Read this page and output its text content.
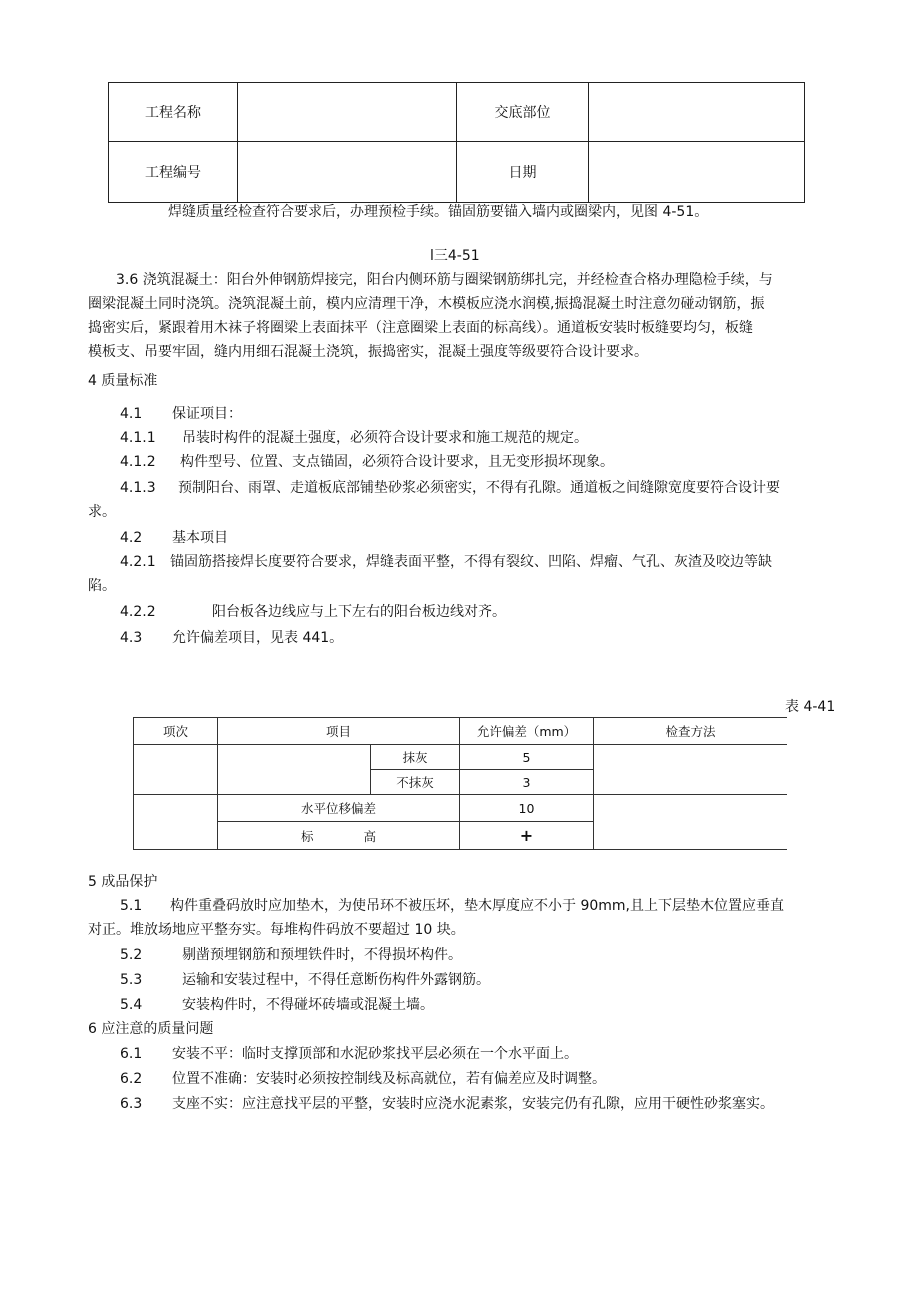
工程名称		交底部位	
工程编号		日期	
焊缝质量经检查符合要求后，办理预检手续。锚固筋要锚入墙内或圈梁内，见图 4-51。
l三4-51
3.6 浇筑混凝土：阳台外伸钢筋焊接完，阳台内侧环筋与圈梁钢筋绑扎完，并经检查合格办理隐检手续，与
圈梁混凝土同时浇筑。浇筑混凝土前，模内应清理干净，木模板应浇水润模,振捣混凝土时注意勿碰动钢筋，振
捣密实后，紧跟着用木袜子将圈梁上表面抹平（注意圈梁上表面的标高线）。通道板安装时板缝要均匀，板缝
模板支、吊要牢固，缝内用细石混凝土浇筑，振捣密实，混凝土强度等级要符合设计要求。
4 质量标准
4.1 保证项目：
4.1.1 吊装时构件的混凝土强度，必须符合设计要求和施工规范的规定。
4.1.2 构件型号、位置、支点锚固，必须符合设计要求，且无变形损坏现象。
4.1.3 预制阳台、雨罩、走道板底部铺垫砂浆必须密实，不得有孔隙。通道板之间缝隙宽度要符合设计要
求。
4.2 基本项目
4.2.1 锚固筋搭接焊长度要符合要求，焊缝表面平整，不得有裂纹、凹陷、焊瘤、气孔、灰渣及咬边等缺
陷。
4.2.2	阳台板各边线应与上下左右的阳台板边线对齐。
4.3 允许偏差项目，见表 441。
表 4-41
项次	项目		允许偏差（mm）	检查方法
		抹灰	5	
		不抹灰	3	
	水平位移偏差		10	
	标　　　　高		+	
5 成品保护
5.1 构件重叠码放时应加垫木，为使吊环不被压坏，垫木厚度应不小于 90mm,且上下层垫木位置应垂直
对正。堆放场地应平整夯实。每堆构件码放不要超过 10 块。
5.2	剔凿预埋钢筋和预埋铁件时，不得损坏构件。
5.3	运输和安装过程中，不得任意断伤构件外露钢筋。
5.4	安装构件时，不得碰坏砖墙或混凝土墙。
6 应注意的质量问题
6.1 安装不平：临时支撑顶部和水泥砂浆找平层必须在一个水平面上。
6.2 位置不准确：安装时必须按控制线及标高就位，若有偏差应及时调整。
6.3 支座不实：应注意找平层的平整，安装时应浇水泥素浆，安装完仍有孔隙，应用干硬性砂浆塞实。
